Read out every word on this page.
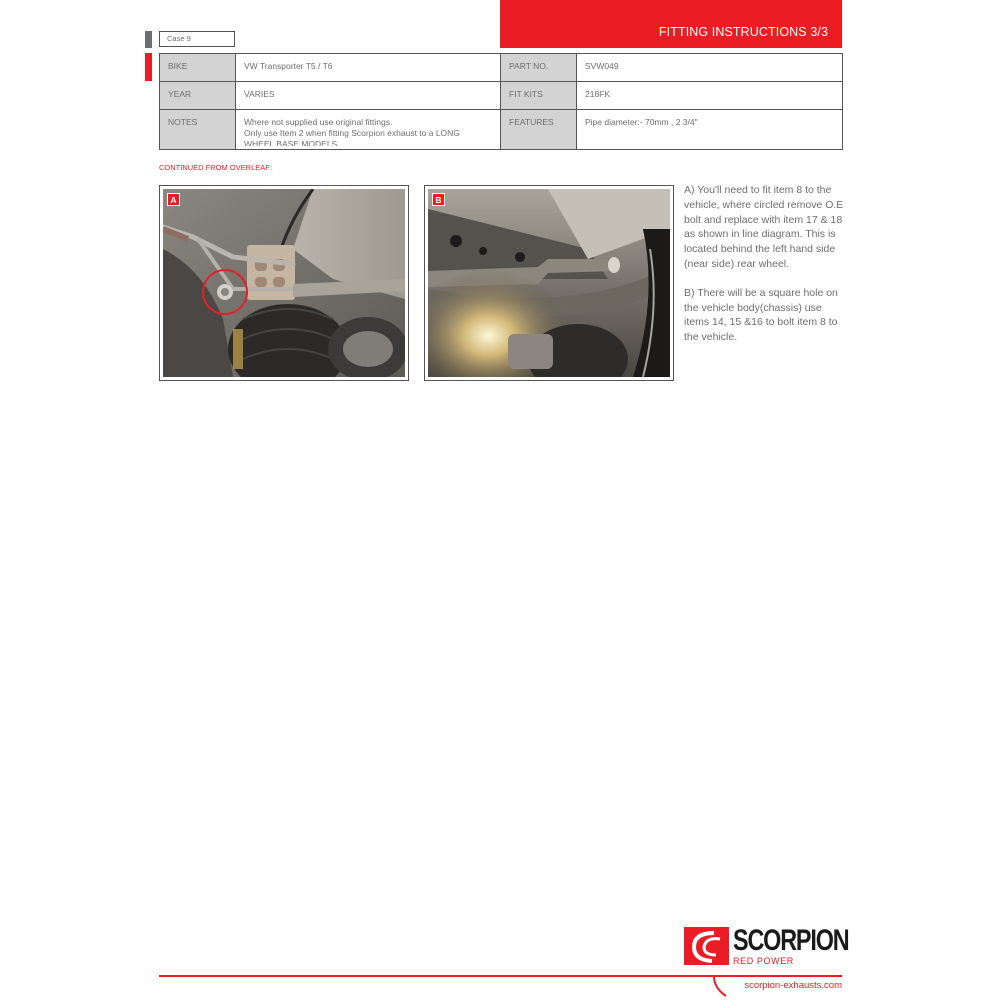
FITTING INSTRUCTIONS 3/3
Case 9
BIKE	VW Transporter T5 / T6	PART NO.	SVW049
YEAR	VARIES	FIT KITS	218FK
NOTES	Where not supplied use original fittings.
Only use Item 2 when fitting Scorpion exhaust to a LONG
WHEEL BASE MODELS.	FEATURES	Pipe diameter:- 70mm , 2 3/4"
CONTINUED FROM OVERLEAF:
A	B

A) You'll need to fit item 8 to the vehicle, where circled remove O.E bolt and replace with item 17 & 18 as shown in line diagram. This is located behind the left hand side (near side) rear wheel.

B) There will be a square hole on the vehicle body(chassis) use items 14, 15 &16 to bolt item 8 to the vehicle.

SCORPION
RED POWER
scorpion-exhausts.com
